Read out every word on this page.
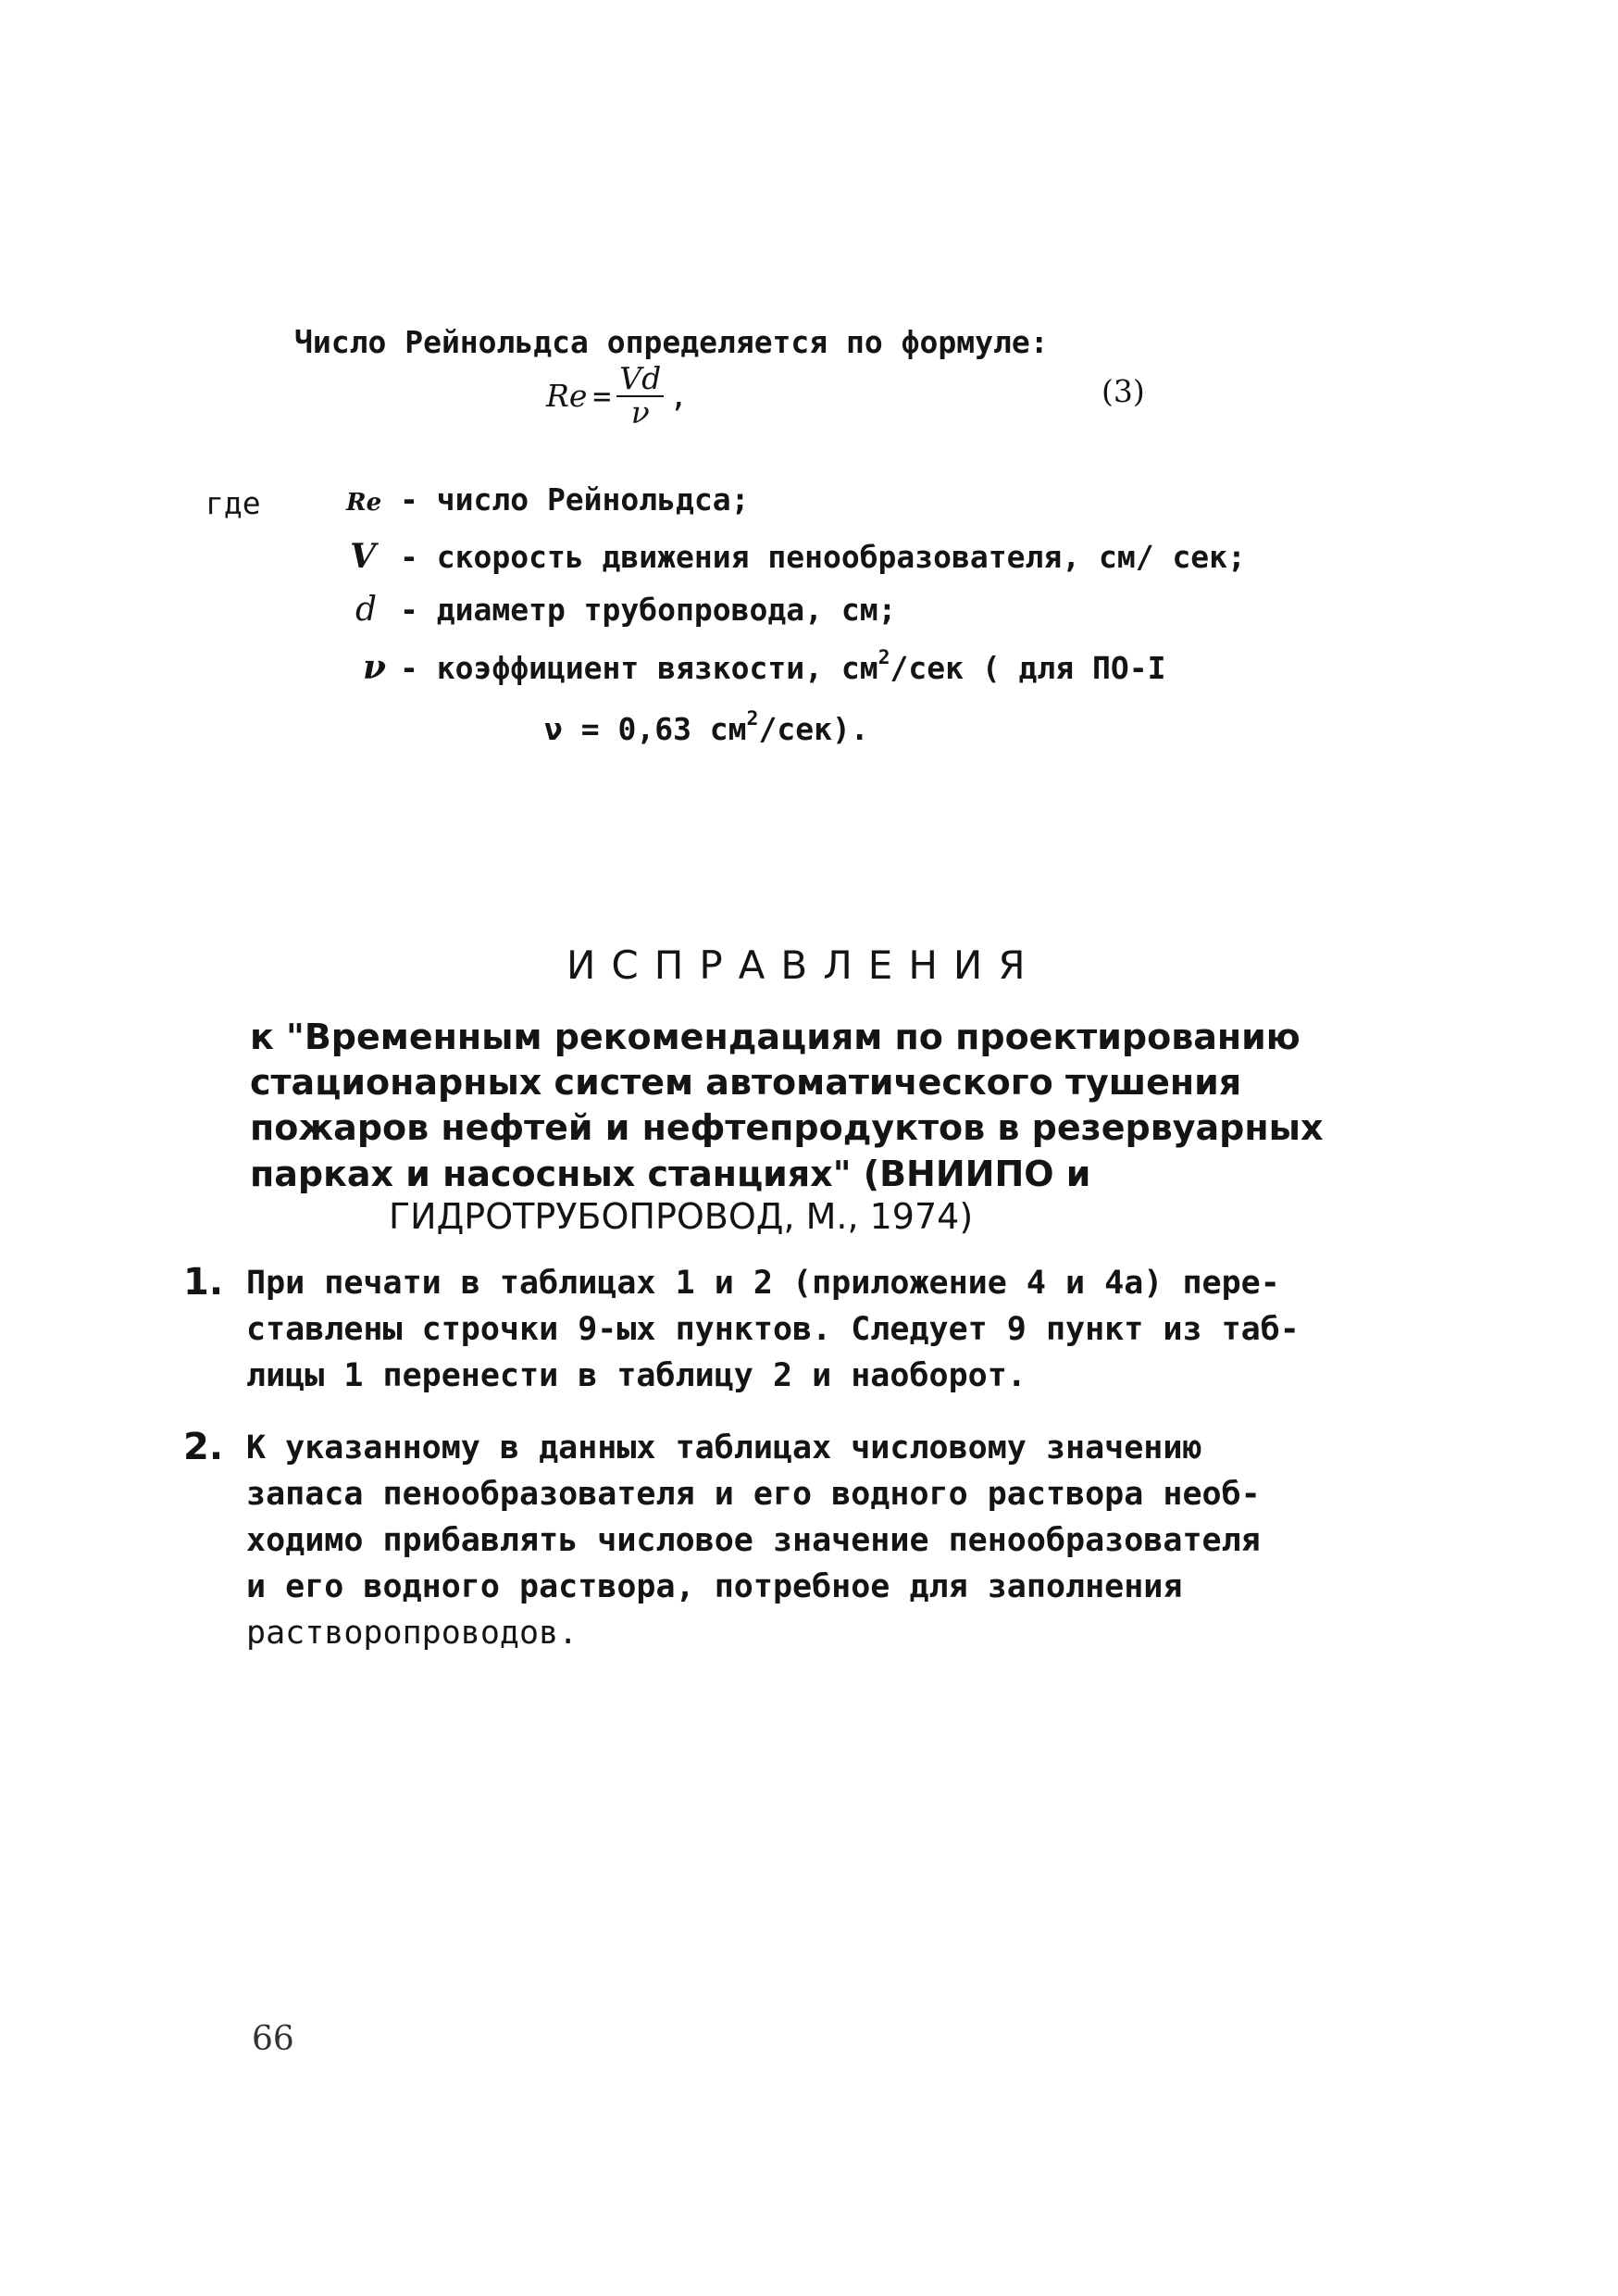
Число Рейнольдса определяется по формуле:
$Re = \frac{Vd}{\nu}$ ,	(3)
где	Re - число Рейнольдса;
V - скорость движения пенообразователя, см/ сек;
d - диаметр трубопровода, см;
ν - коэффициент вязкости, $см^2$/сек ( для ПО-I
ν = 0,63 $см^2/сек$).
ИСПРАВЛЕНИЯ
к "Временным рекомендациям по проектированию
стационарных систем автоматического тушения
пожаров нефтей и нефтепродуктов в резервуарных
парках и насосных станциях" (ВНИИПО и
ГИДРОТРУБОПРОВОД, М., 1974)
1. При печати в таблицах 1 и 2 (приложение 4 и 4а) пере-
ставлены строчки 9-ых пунктов. Следует 9 пункт из таб-
лицы 1 перенести в таблицу 2 и наоборот.
2. К указанному в данных таблицах числовому значению
запаса пенообразователя и его водного раствора необ-
ходимо прибавлять числовое значение пенообразователя
и его водного раствора, потребное для заполнения
растворопроводов.
66
